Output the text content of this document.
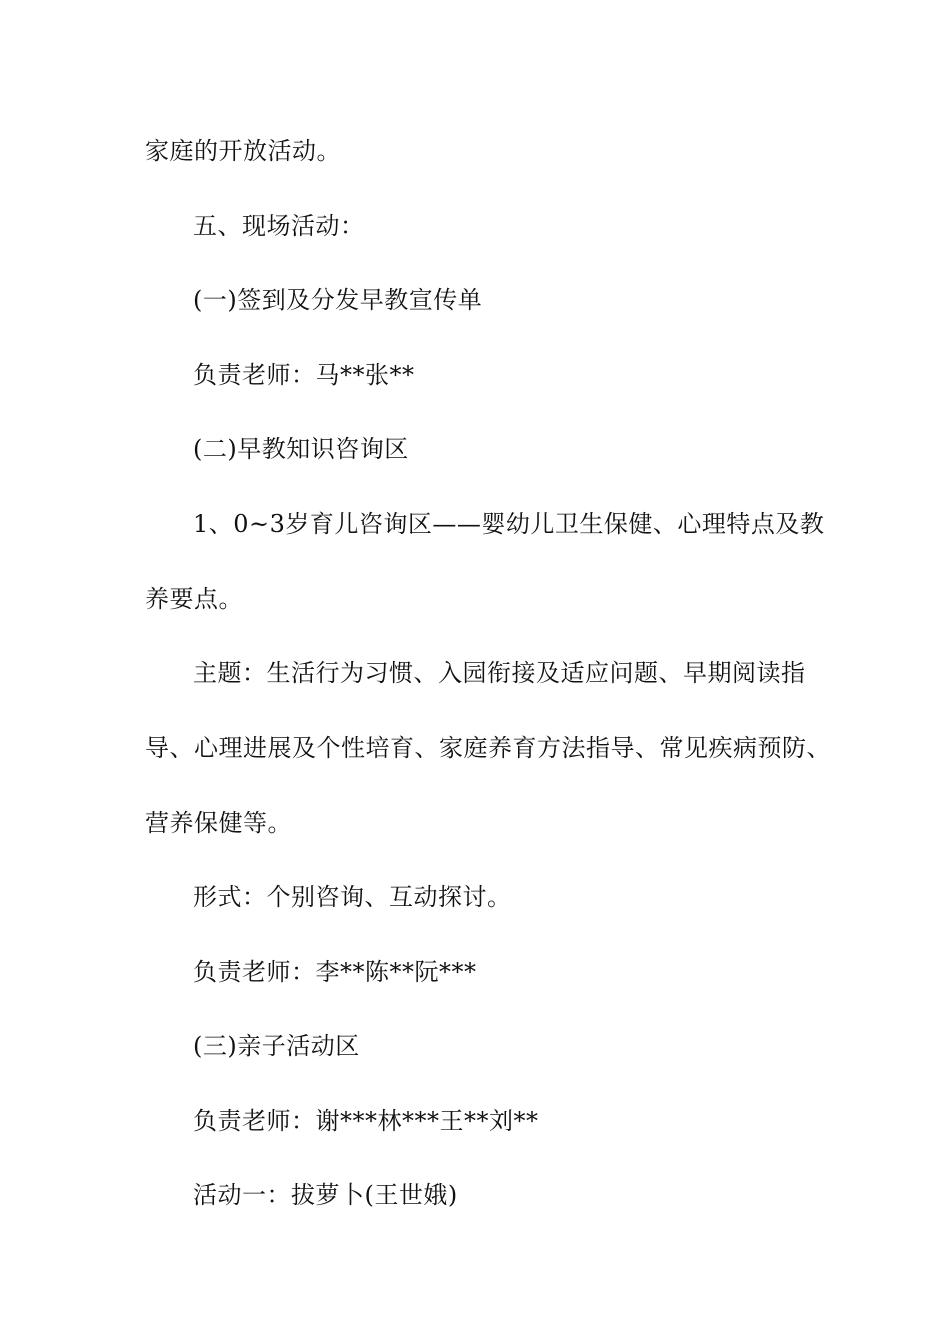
家庭的开放活动。
五、现场活动：
(一)签到及分发早教宣传单
负责老师：马**张**
(二)早教知识咨询区
1、0~3岁育儿咨询区——婴幼儿卫生保健、心理特点及教
养要点。
主题：生活行为习惯、入园衔接及适应问题、早期阅读指
导、心理进展及个性培育、家庭养育方法指导、常见疾病预防、
营养保健等。
形式：个别咨询、互动探讨。
负责老师：李**陈**阮***
(三)亲子活动区
负责老师：谢***林***王**刘**
活动一：拔萝卜(王世娥)
